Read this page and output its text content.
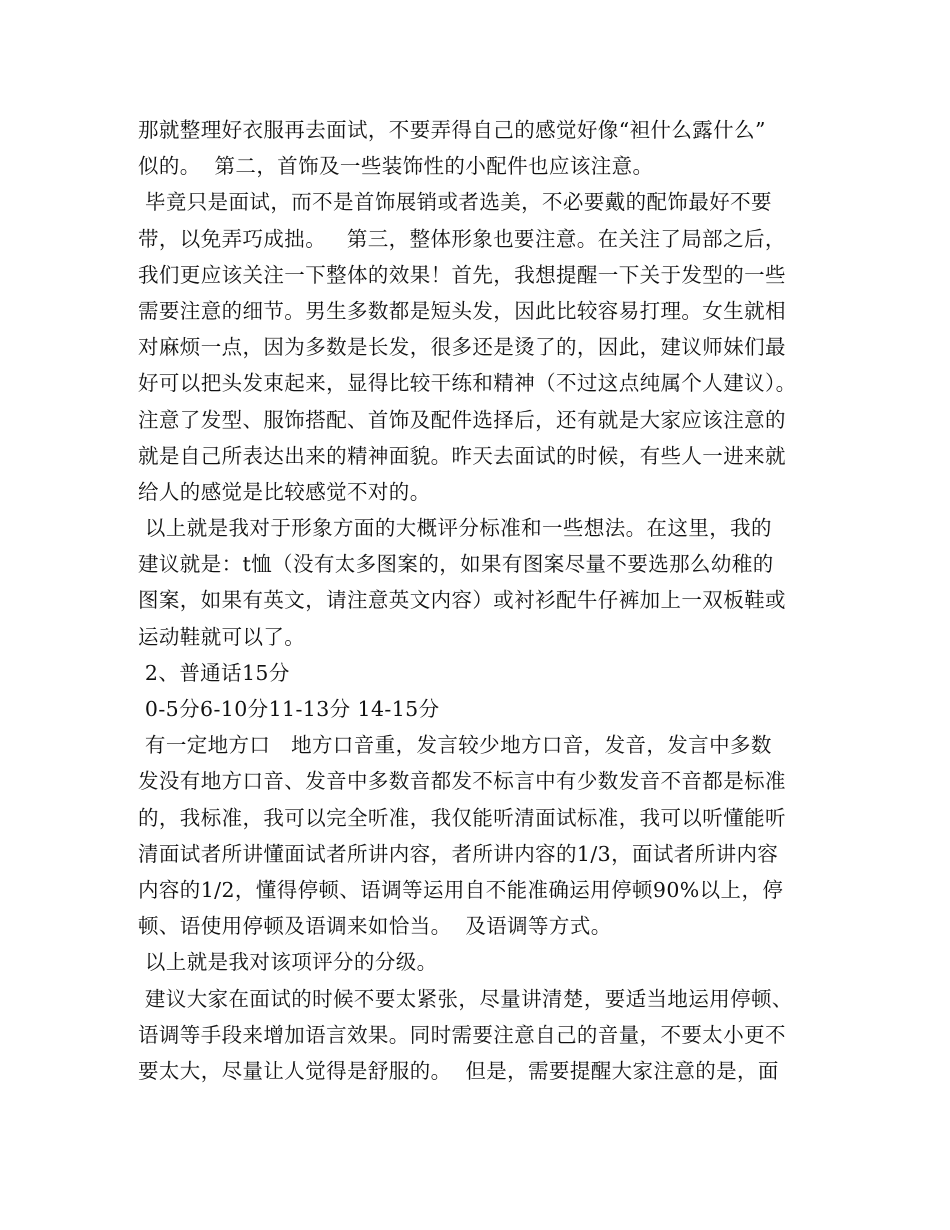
那就整理好衣服再去面试，不要弄得自己的感觉好像“袒什么露什么”
似的。  第二，首饰及一些装饰性的小配件也应该注意。
毕竟只是面试，而不是首饰展销或者选美，不必要戴的配饰最好不要
带，以免弄巧成拙。   第三，整体形象也要注意。在关注了局部之后，
我们更应该关注一下整体的效果！首先，我想提醒一下关于发型的一些
需要注意的细节。男生多数都是短头发，因此比较容易打理。女生就相
对麻烦一点，因为多数是长发，很多还是烫了的，因此，建议师妹们最
好可以把头发束起来，显得比较干练和精神（不过这点纯属个人建议）。
注意了发型、服饰搭配、首饰及配件选择后，还有就是大家应该注意的
就是自己所表达出来的精神面貌。昨天去面试的时候，有些人一进来就
给人的感觉是比较感觉不对的。
以上就是我对于形象方面的大概评分标准和一些想法。在这里，我的
建议就是：t恤（没有太多图案的，如果有图案尽量不要选那么幼稚的
图案，如果有英文，请注意英文内容）或衬衫配牛仔裤加上一双板鞋或
运动鞋就可以了。
2、普通话15分
0-5分6-10分11-13分 14-15分
有一定地方口   地方口音重，发言较少地方口音，发音，发言中多数
发没有地方口音、发音中多数音都发不标言中有少数发音不音都是标准
的，我标准，我可以完全听准，我仅能听清面试标准，我可以听懂能听
清面试者所讲懂面试者所讲内容，者所讲内容的1/3，面试者所讲内容
内容的1/2，懂得停顿、语调等运用自不能准确运用停顿90%以上，停
顿、语使用停顿及语调来如恰当。  及语调等方式。
以上就是我对该项评分的分级。
建议大家在面试的时候不要太紧张，尽量讲清楚，要适当地运用停顿、
语调等手段来增加语言效果。同时需要注意自己的音量，不要太小更不
要太大，尽量让人觉得是舒服的。  但是，需要提醒大家注意的是，面
